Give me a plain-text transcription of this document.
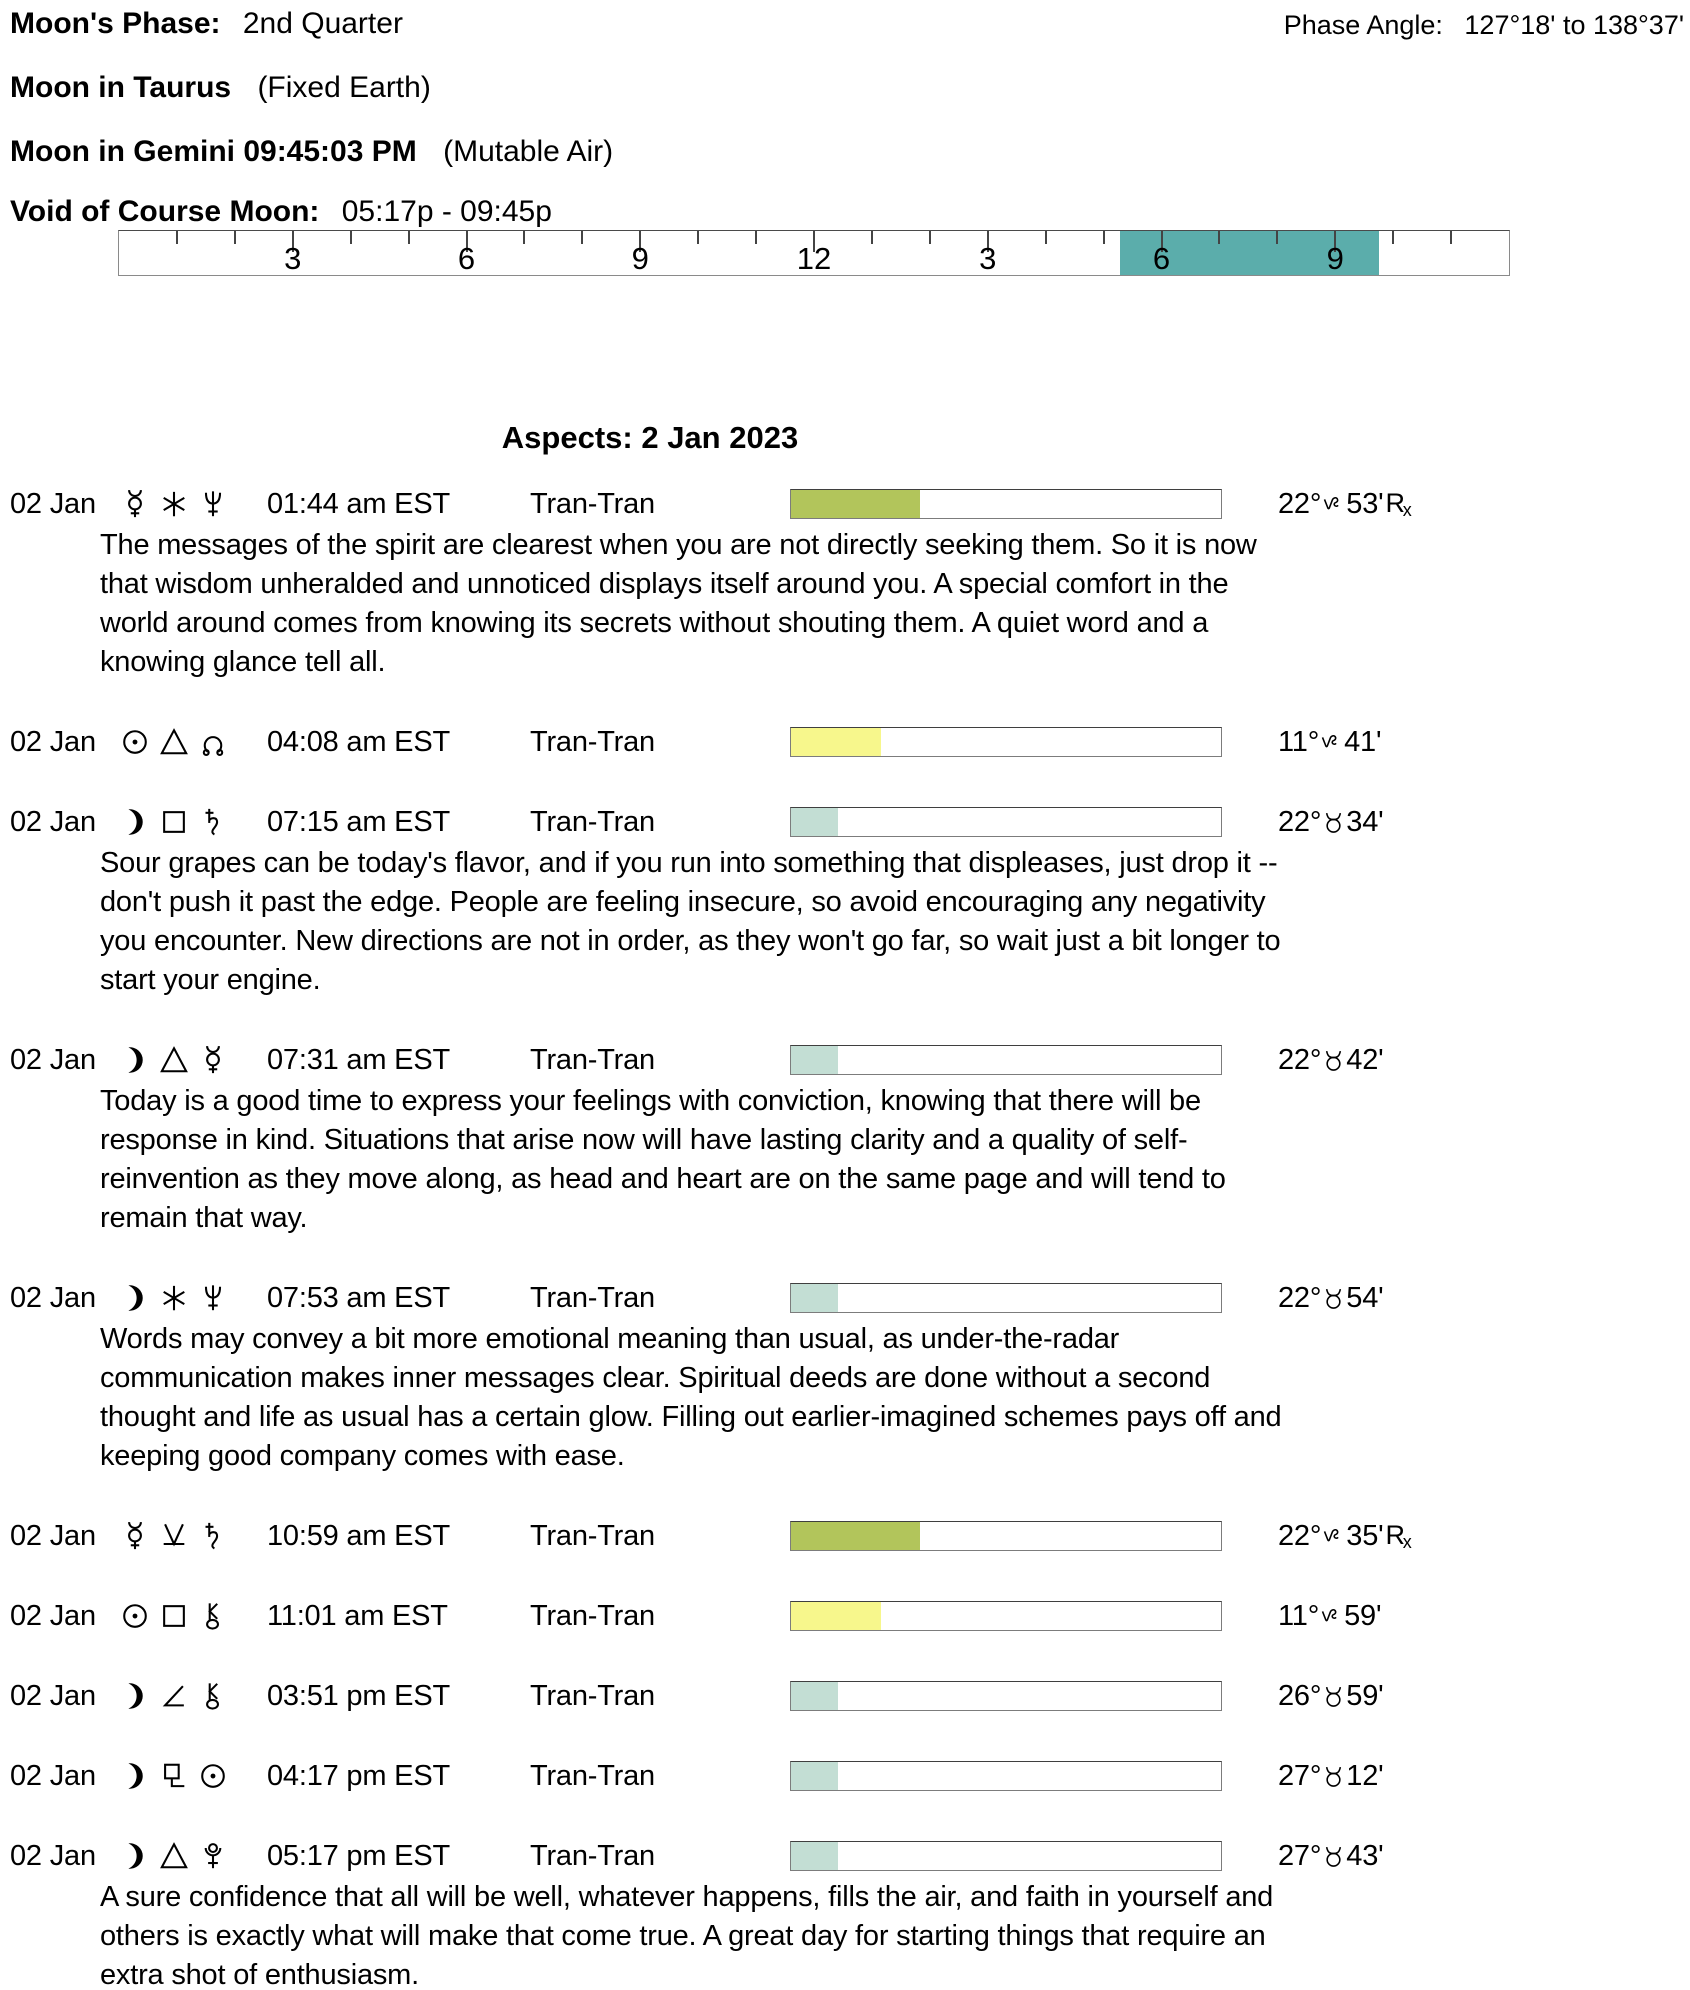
Moon's Phase: 2nd Quarter	Phase Angle: 127°18' to 138°37'
Moon in Taurus (Fixed Earth)
Moon in Gemini 09:45:03 PM (Mutable Air)
Void of Course Moon: 05:17p - 09:45p
3	6	9	12	3	6	9
Aspects: 2 Jan 2023
02 Jan	01:44 am EST	Tran-Tran	22° 53' Rx

The messages of the spirit are clearest when you are not directly seeking them. So it is now that wisdom unheralded and unnoticed displays itself around you. A special comfort in the world around comes from knowing its secrets without shouting them. A quiet word and a knowing glance tell all.

02 Jan	04:08 am EST	Tran-Tran	11° 41'
02 Jan	07:15 am EST	Tran-Tran	22° 34'

Sour grapes can be today's flavor, and if you run into something that displeases, just drop it -- don't push it past the edge. People are feeling insecure, so avoid encouraging any negativity you encounter. New directions are not in order, as they won't go far, so wait just a bit longer to start your engine.

02 Jan	07:31 am EST	Tran-Tran	22° 42'

Today is a good time to express your feelings with conviction, knowing that there will be response in kind. Situations that arise now will have lasting clarity and a quality of self-reinvention as they move along, as head and heart are on the same page and will tend to remain that way.

02 Jan	07:53 am EST	Tran-Tran	22° 54'

Words may convey a bit more emotional meaning than usual, as under-the-radar communication makes inner messages clear. Spiritual deeds are done without a second thought and life as usual has a certain glow. Filling out earlier-imagined schemes pays off and keeping good company comes with ease.

02 Jan	10:59 am EST	Tran-Tran	22° 35' Rx
02 Jan	11:01 am EST	Tran-Tran	11° 59'
02 Jan	03:51 pm EST	Tran-Tran	26° 59'
02 Jan	04:17 pm EST	Tran-Tran	27° 12'
02 Jan	05:17 pm EST	Tran-Tran	27° 43'

A sure confidence that all will be well, whatever happens, fills the air, and faith in yourself and others is exactly what will make that come true. A great day for starting things that require an extra shot of enthusiasm.
